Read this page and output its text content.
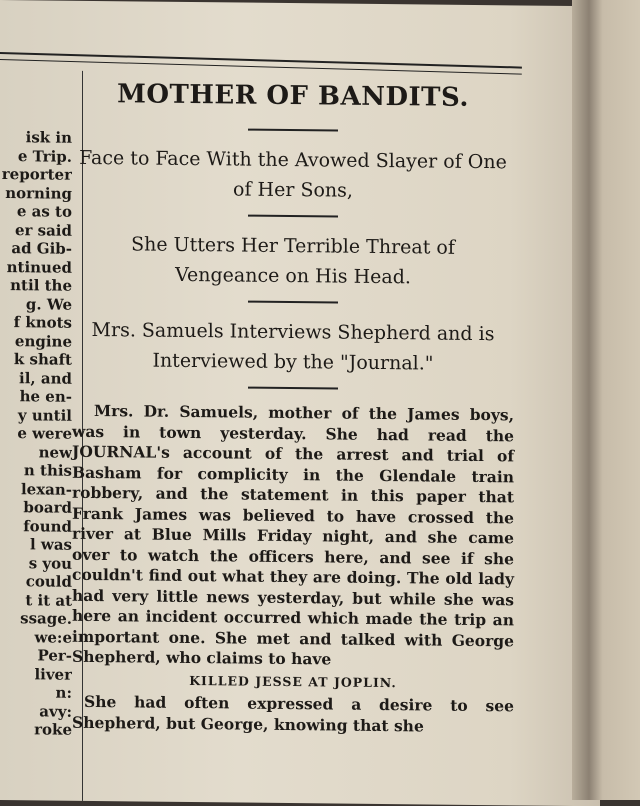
isk in
e Trip.
reporter
norning
e as to
er said
ad Gib-
ntinued
ntil the
g. We
f knots
engine
k shaft
il, and
he en-
y until
e were
new
n this
lexan-
board
found
l was
s you
could
t it at
ssage.
we:e
Per-
liver
n:
avy:
roke
MOTHER OF BANDITS.
Face to Face With the Avowed Slayer of One of Her Sons,
She Utters Her Terrible Threat of Vengeance on His Head.
Mrs. Samuels Interviews Shepherd and is Interviewed by the "Journal."

Mrs. Dr. Samuels, mother of the James boys, was in town yesterday. She had read the JOURNAL's account of the arrest and trial of Basham for complicity in the Glendale train robbery, and the statement in this paper that Frank James was believed to have crossed the river at Blue Mills Friday night, and she came over to watch the officers here, and see if she couldn't find out what they are doing. The old lady had very little news yesterday, but while she was here an incident occurred which made the trip an important one. She met and talked with George Shepherd, who claims to have

KILLED JESSE AT JOPLIN.

She had often expressed a desire to see Shepherd, but George, knowing that she
